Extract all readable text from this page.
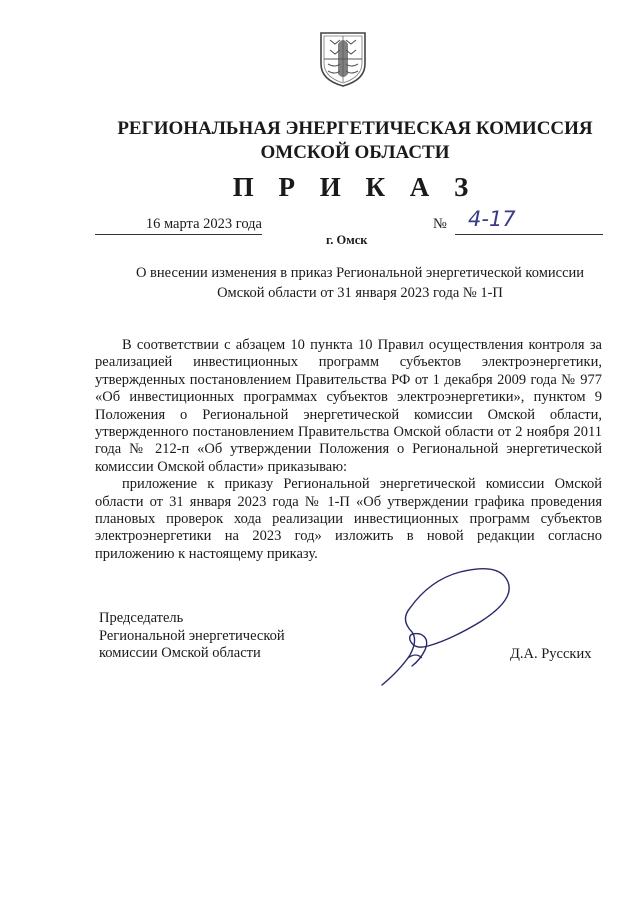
РЕГИОНАЛЬНАЯ ЭНЕРГЕТИЧЕСКАЯ КОМИССИЯ
ОМСКОЙ ОБЛАСТИ
П Р И К А З
16 марта 2023 года	№ 4-17
г. Омск
О внесении изменения в приказ Региональной энергетической комиссии
Омской области от 31 января 2023 года № 1-П

В соответствии с абзацем 10 пункта 10 Правил осуществления контроля за реализацией инвестиционных программ субъектов электроэнергетики, утвержденных постановлением Правительства РФ от 1 декабря 2009 года № 977 «Об инвестиционных программах субъектов электроэнергетики», пунктом 9 Положения о Региональной энергетической комиссии Омской области, утвержденного постановлением Правительства Омской области от 2 ноября 2011 года № 212-п «Об утверждении Положения о Региональной энергетической комиссии Омской области» приказываю:

приложение к приказу Региональной энергетической комиссии Омской области от 31 января 2023 года № 1-П «Об утверждении графика проведения плановых проверок хода реализации инвестиционных программ субъектов электроэнергетики на 2023 год» изложить в новой редакции согласно приложению к настоящему приказу.

Председатель
Региональной энергетической
комиссии Омской области	Д.А. Русских
